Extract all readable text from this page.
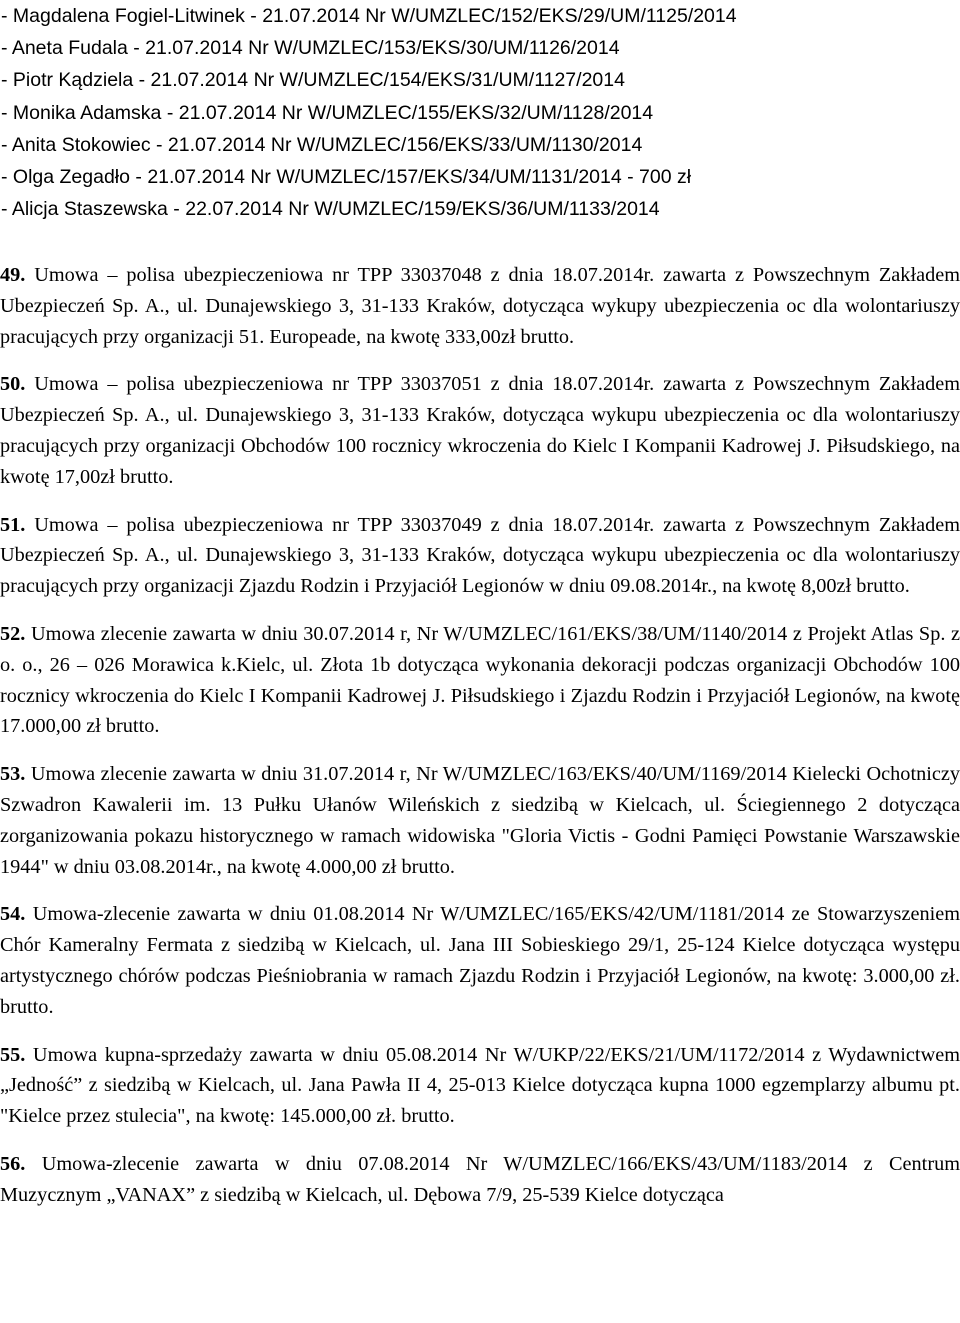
- Magdalena Fogiel-Litwinek - 21.07.2014 Nr W/UMZLEC/152/EKS/29/UM/1125/2014
- Aneta Fudala - 21.07.2014 Nr W/UMZLEC/153/EKS/30/UM/1126/2014
- Piotr Kądziela - 21.07.2014 Nr W/UMZLEC/154/EKS/31/UM/1127/2014
- Monika Adamska - 21.07.2014 Nr W/UMZLEC/155/EKS/32/UM/1128/2014
- Anita Stokowiec - 21.07.2014 Nr W/UMZLEC/156/EKS/33/UM/1130/2014
- Olga Zegadło - 21.07.2014 Nr W/UMZLEC/157/EKS/34/UM/1131/2014 - 700 zł
- Alicja Staszewska - 22.07.2014 Nr W/UMZLEC/159/EKS/36/UM/1133/2014

49. Umowa – polisa ubezpieczeniowa nr TPP 33037048 z dnia 18.07.2014r. zawarta z Powszechnym Zakładem Ubezpieczeń Sp. A., ul. Dunajewskiego 3, 31-133 Kraków, dotycząca wykupy ubezpieczenia oc dla wolontariuszy pracujących przy organizacji 51. Europeade, na kwotę 333,00zł brutto.

50. Umowa – polisa ubezpieczeniowa nr TPP 33037051 z dnia 18.07.2014r. zawarta z Powszechnym Zakładem Ubezpieczeń Sp. A., ul. Dunajewskiego 3, 31-133 Kraków, dotycząca wykupu ubezpieczenia oc dla wolontariuszy pracujących przy organizacji Obchodów 100 rocznicy wkroczenia do Kielc I Kompanii Kadrowej J. Piłsudskiego, na kwotę 17,00zł brutto.

51. Umowa – polisa ubezpieczeniowa nr TPP 33037049 z dnia 18.07.2014r. zawarta z Powszechnym Zakładem Ubezpieczeń Sp. A., ul. Dunajewskiego 3, 31-133 Kraków, dotycząca wykupu ubezpieczenia oc dla wolontariuszy pracujących przy organizacji Zjazdu Rodzin i Przyjaciół Legionów w dniu 09.08.2014r., na kwotę 8,00zł brutto.

52. Umowa zlecenie zawarta w dniu 30.07.2014 r, Nr W/UMZLEC/161/EKS/38/UM/1140/2014 z Projekt Atlas Sp. z o. o., 26 – 026 Morawica k.Kielc, ul. Złota 1b dotycząca wykonania dekoracji podczas organizacji Obchodów 100 rocznicy wkroczenia do Kielc I Kompanii Kadrowej J. Piłsudskiego i Zjazdu Rodzin i Przyjaciół Legionów, na kwotę 17.000,00 zł brutto.

53. Umowa zlecenie zawarta w dniu 31.07.2014 r, Nr W/UMZLEC/163/EKS/40/UM/1169/2014 Kielecki Ochotniczy Szwadron Kawalerii im. 13 Pułku Ułanów Wileńskich z siedzibą w Kielcach, ul. Ściegiennego 2 dotycząca zorganizowania pokazu historycznego w ramach widowiska "Gloria Victis - Godni Pamięci Powstanie Warszawskie 1944" w dniu 03.08.2014r., na kwotę 4.000,00 zł brutto.

54. Umowa-zlecenie zawarta w dniu 01.08.2014 Nr W/UMZLEC/165/EKS/42/UM/1181/2014 ze Stowarzyszeniem Chór Kameralny Fermata z siedzibą w Kielcach, ul. Jana III Sobieskiego 29/1, 25-124 Kielce dotycząca występu artystycznego chórów podczas Pieśniobrania w ramach Zjazdu Rodzin i Przyjaciół Legionów, na kwotę: 3.000,00 zł. brutto.

55. Umowa kupna-sprzedaży zawarta w dniu 05.08.2014 Nr W/UKP/22/EKS/21/UM/1172/2014 z Wydawnictwem „Jedność” z siedzibą w Kielcach, ul. Jana Pawła II 4, 25-013 Kielce dotycząca kupna 1000 egzemplarzy albumu pt. "Kielce przez stulecia", na kwotę: 145.000,00 zł. brutto.

56. Umowa-zlecenie zawarta w dniu 07.08.2014 Nr W/UMZLEC/166/EKS/43/UM/1183/2014 z Centrum Muzycznym „VANAX” z siedzibą w Kielcach, ul. Dębowa 7/9, 25-539 Kielce dotycząca
